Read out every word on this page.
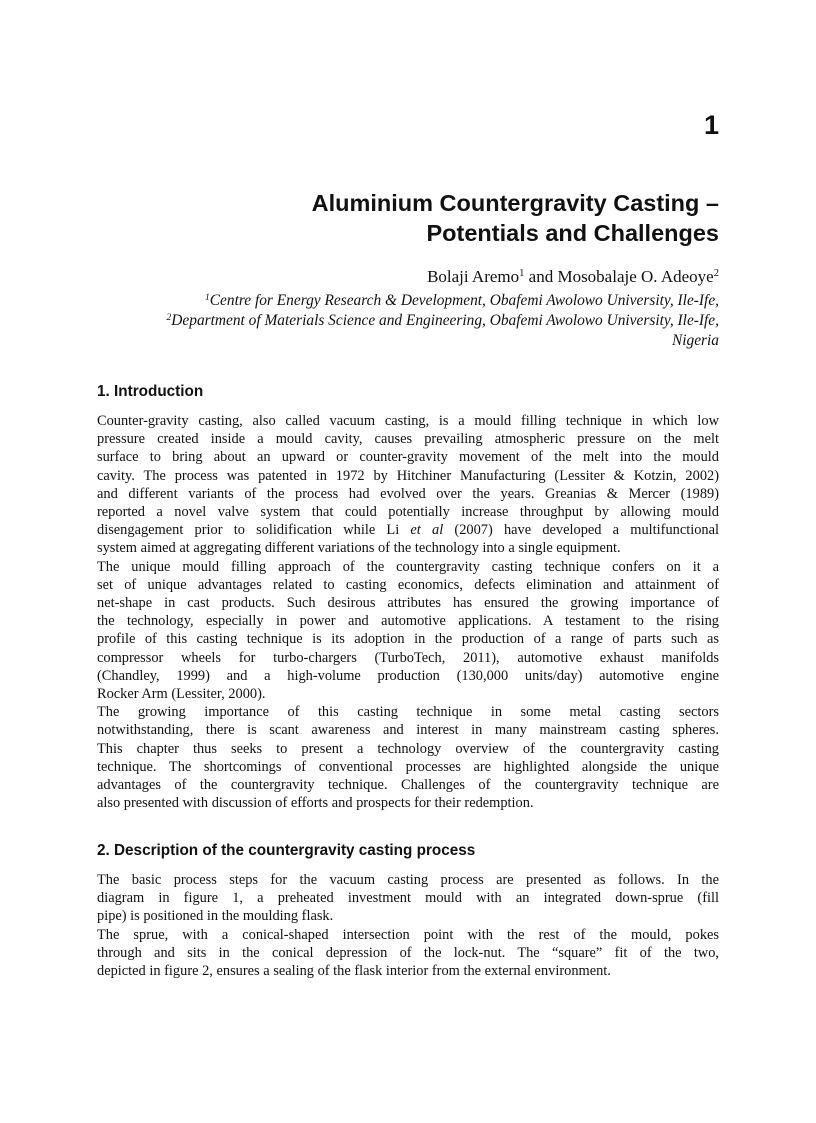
1
Aluminium Countergravity Casting –
Potentials and Challenges
Bolaji Aremo$^1$ and Mosobalaje O. Adeoye$^2$
$^1$Centre for Energy Research & Development, Obafemi Awolowo University, Ile-Ife,
$^2$Department of Materials Science and Engineering, Obafemi Awolowo University, Ile-Ife,
Nigeria
1. Introduction

Counter-gravity casting, also called vacuum casting, is a mould filling technique in which low
pressure created inside a mould cavity, causes prevailing atmospheric pressure on the melt
surface to bring about an upward or counter-gravity movement of the melt into the mould
cavity. The process was patented in 1972 by Hitchiner Manufacturing (Lessiter & Kotzin, 2002)
and different variants of the process had evolved over the years. Greanias & Mercer (1989)
reported a novel valve system that could potentially increase throughput by allowing mould
disengagement prior to solidification while Li et al (2007) have developed a multifunctional
system aimed at aggregating different variations of the technology into a single equipment.

The unique mould filling approach of the countergravity casting technique confers on it a
set of unique advantages related to casting economics, defects elimination and attainment of
net-shape in cast products. Such desirous attributes has ensured the growing importance of
the technology, especially in power and automotive applications. A testament to the rising
profile of this casting technique is its adoption in the production of a range of parts such as
compressor wheels for turbo-chargers (TurboTech, 2011), automotive exhaust manifolds
(Chandley, 1999) and a high-volume production (130,000 units/day) automotive engine
Rocker Arm (Lessiter, 2000).

The growing importance of this casting technique in some metal casting sectors
notwithstanding, there is scant awareness and interest in many mainstream casting spheres.
This chapter thus seeks to present a technology overview of the countergravity casting
technique. The shortcomings of conventional processes are highlighted alongside the unique
advantages of the countergravity technique. Challenges of the countergravity technique are
also presented with discussion of efforts and prospects for their redemption.

2. Description of the countergravity casting process

The basic process steps for the vacuum casting process are presented as follows. In the
diagram in figure 1, a preheated investment mould with an integrated down-sprue (fill
pipe) is positioned in the moulding flask.

The sprue, with a conical-shaped intersection point with the rest of the mould, pokes
through and sits in the conical depression of the lock-nut. The “square” fit of the two,
depicted in figure 2, ensures a sealing of the flask interior from the external environment.
